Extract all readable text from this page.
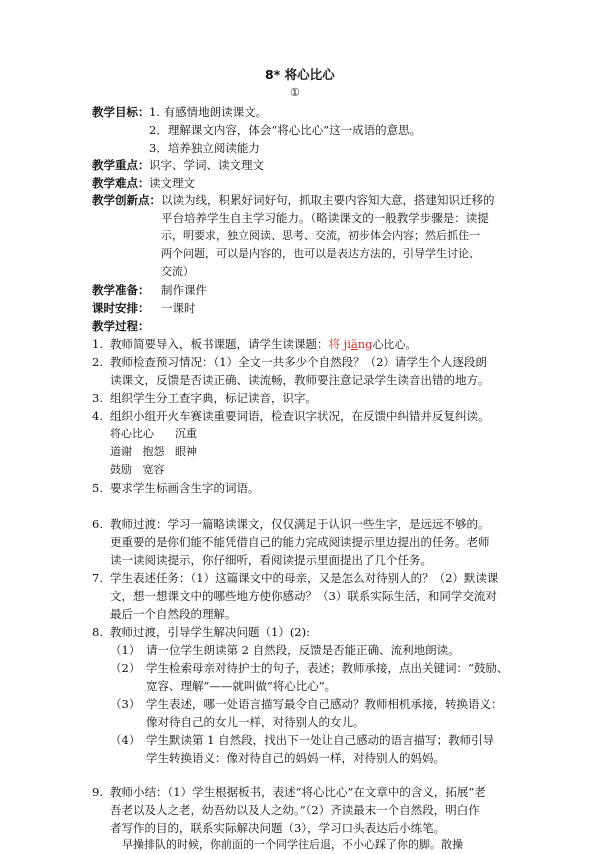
8* 将心比心
①
教学目标： 1. 有感情地朗读课文。
2．理解课文内容，体会“将心比心”这一成语的意思。
3．培养独立阅读能力
教学重点： 识字、学词、读文理文
教学难点： 读文理文
教学创新点： 以读为线，积累好词好句，抓取主要内容知大意，搭建知识迁移的
平台培养学生自主学习能力。（略读课文的一般教学步骤是：读提
示，明要求，独立阅读、思考、交流，初步体会内容；然后抓住一
两个问题，可以是内容的，也可以是表达方法的，引导学生讨论、
交流）
教学准备： 制作课件
课时安排： 一课时
教学过程：
1. 教师简要导入，板书课题，请学生读课题：将 jiāng心比心。
2. 教师检查预习情况：（1）全文一共多少个自然段？（2）请学生个人逐段朗
读课文，反馈是否读正确、读流畅，教师要注意记录学生读音出错的地方。
3. 组织学生分工查字典，标记读音，识字。
4. 组织小组开火车赛读重要词语，检查识字状况，在反馈中纠错并反复纠读。
将心比心      沉重
道谢   抱怨   眼神
鼓励   宽容
5. 要求学生标画含生字的词语。
6. 教师过渡：学习一篇略读课文，仅仅满足于认识一些生字，是远远不够的。
更重要的是你们能不能凭借自己的能力完成阅读提示里边提出的任务。老师
读一读阅读提示，你仔细听，看阅读提示里面提出了几个任务。
7. 学生表述任务：（1）这篇课文中的母亲，又是怎么对待别人的？（2）默读课
文，想一想课文中的哪些地方使你感动？（3）联系实际生活，和同学交流对
最后一个自然段的理解。
8. 教师过渡，引导学生解决问题（1）(2):
（1） 请一位学生朗读第 2 自然段，反馈是否能正确、流利地朗读。
（2） 学生检索母亲对待护士的句子，表述；教师承接，点出关键词：“鼓励、
宽容、理解”——就叫做“将心比心”。
（3） 学生表述，哪一处语言描写最令自己感动？教师相机承接，转换语义：
像对待自己的女儿一样，对待别人的女儿。
（4） 学生默读第 1 自然段，找出下一处让自己感动的语言描写；教师引导
学生转换语义：像对待自己的妈妈一样，对待别人的妈妈。
9. 教师小结：（1）学生根据板书，表述“将心比心”在文章中的含义，拓展“老
吾老以及人之老，幼吾幼以及人之幼。”（2）齐读最末一个自然段，明白作
者写作的目的，联系实际解决问题（3），学习口头表达后小练笔。
早操排队的时候，你前面的一个同学往后退，不小心踩了你的脚。散操
